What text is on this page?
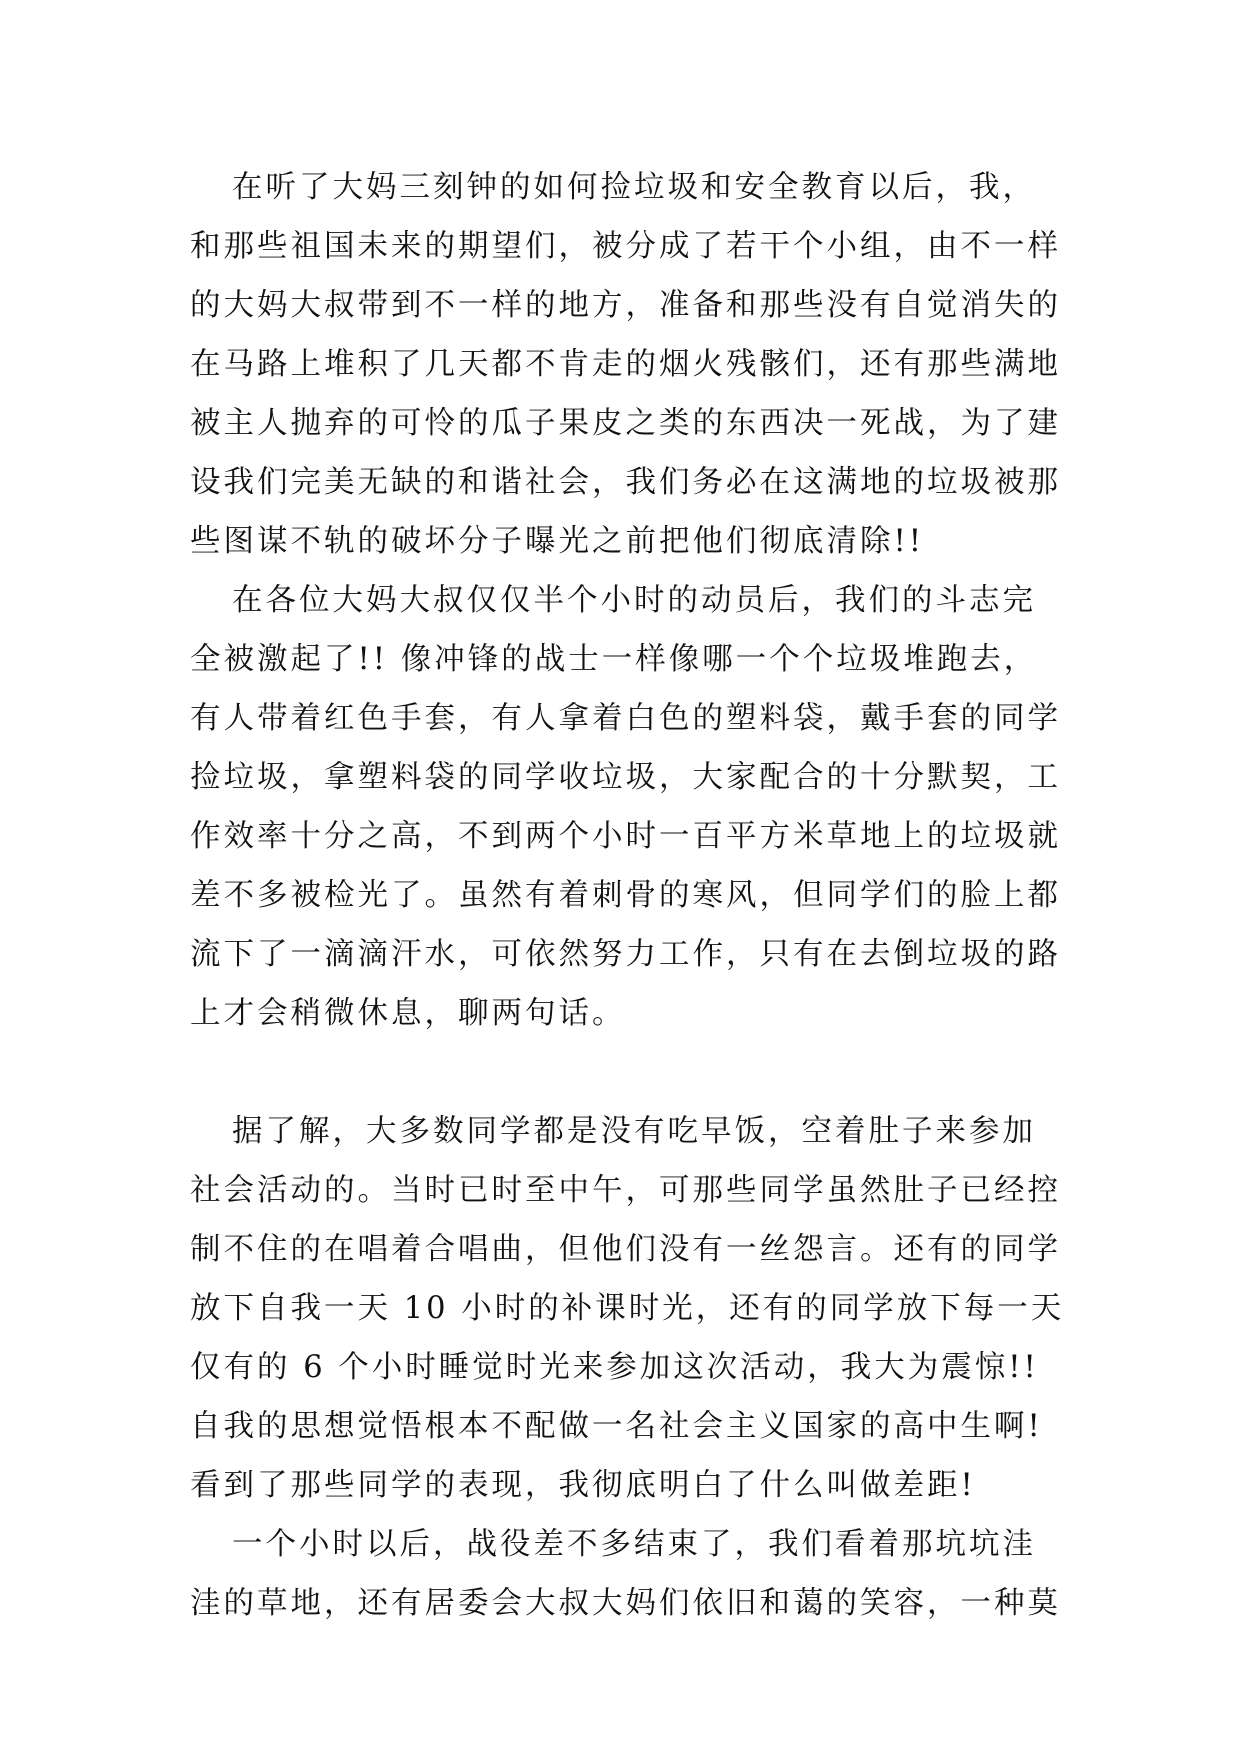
在听了大妈三刻钟的如何捡垃圾和安全教育以后，我，
和那些祖国未来的期望们，被分成了若干个小组，由不一样
的大妈大叔带到不一样的地方，准备和那些没有自觉消失的
在马路上堆积了几天都不肯走的烟火残骸们，还有那些满地
被主人抛弃的可怜的瓜子果皮之类的东西决一死战，为了建
设我们完美无缺的和谐社会，我们务必在这满地的垃圾被那
些图谋不轨的破坏分子曝光之前把他们彻底清除!!
在各位大妈大叔仅仅半个小时的动员后，我们的斗志完
全被激起了!! 像冲锋的战士一样像哪一个个垃圾堆跑去，
有人带着红色手套，有人拿着白色的塑料袋，戴手套的同学
捡垃圾，拿塑料袋的同学收垃圾，大家配合的十分默契，工
作效率十分之高，不到两个小时一百平方米草地上的垃圾就
差不多被检光了。虽然有着刺骨的寒风，但同学们的脸上都
流下了一滴滴汗水，可依然努力工作，只有在去倒垃圾的路
上才会稍微休息，聊两句话。
据了解，大多数同学都是没有吃早饭，空着肚子来参加
社会活动的。当时已时至中午，可那些同学虽然肚子已经控
制不住的在唱着合唱曲，但他们没有一丝怨言。还有的同学
放下自我一天 10 小时的补课时光，还有的同学放下每一天
仅有的 6 个小时睡觉时光来参加这次活动，我大为震惊!!
自我的思想觉悟根本不配做一名社会主义国家的高中生啊!
看到了那些同学的表现，我彻底明白了什么叫做差距!
一个小时以后，战役差不多结束了，我们看着那坑坑洼
洼的草地，还有居委会大叔大妈们依旧和蔼的笑容，一种莫
